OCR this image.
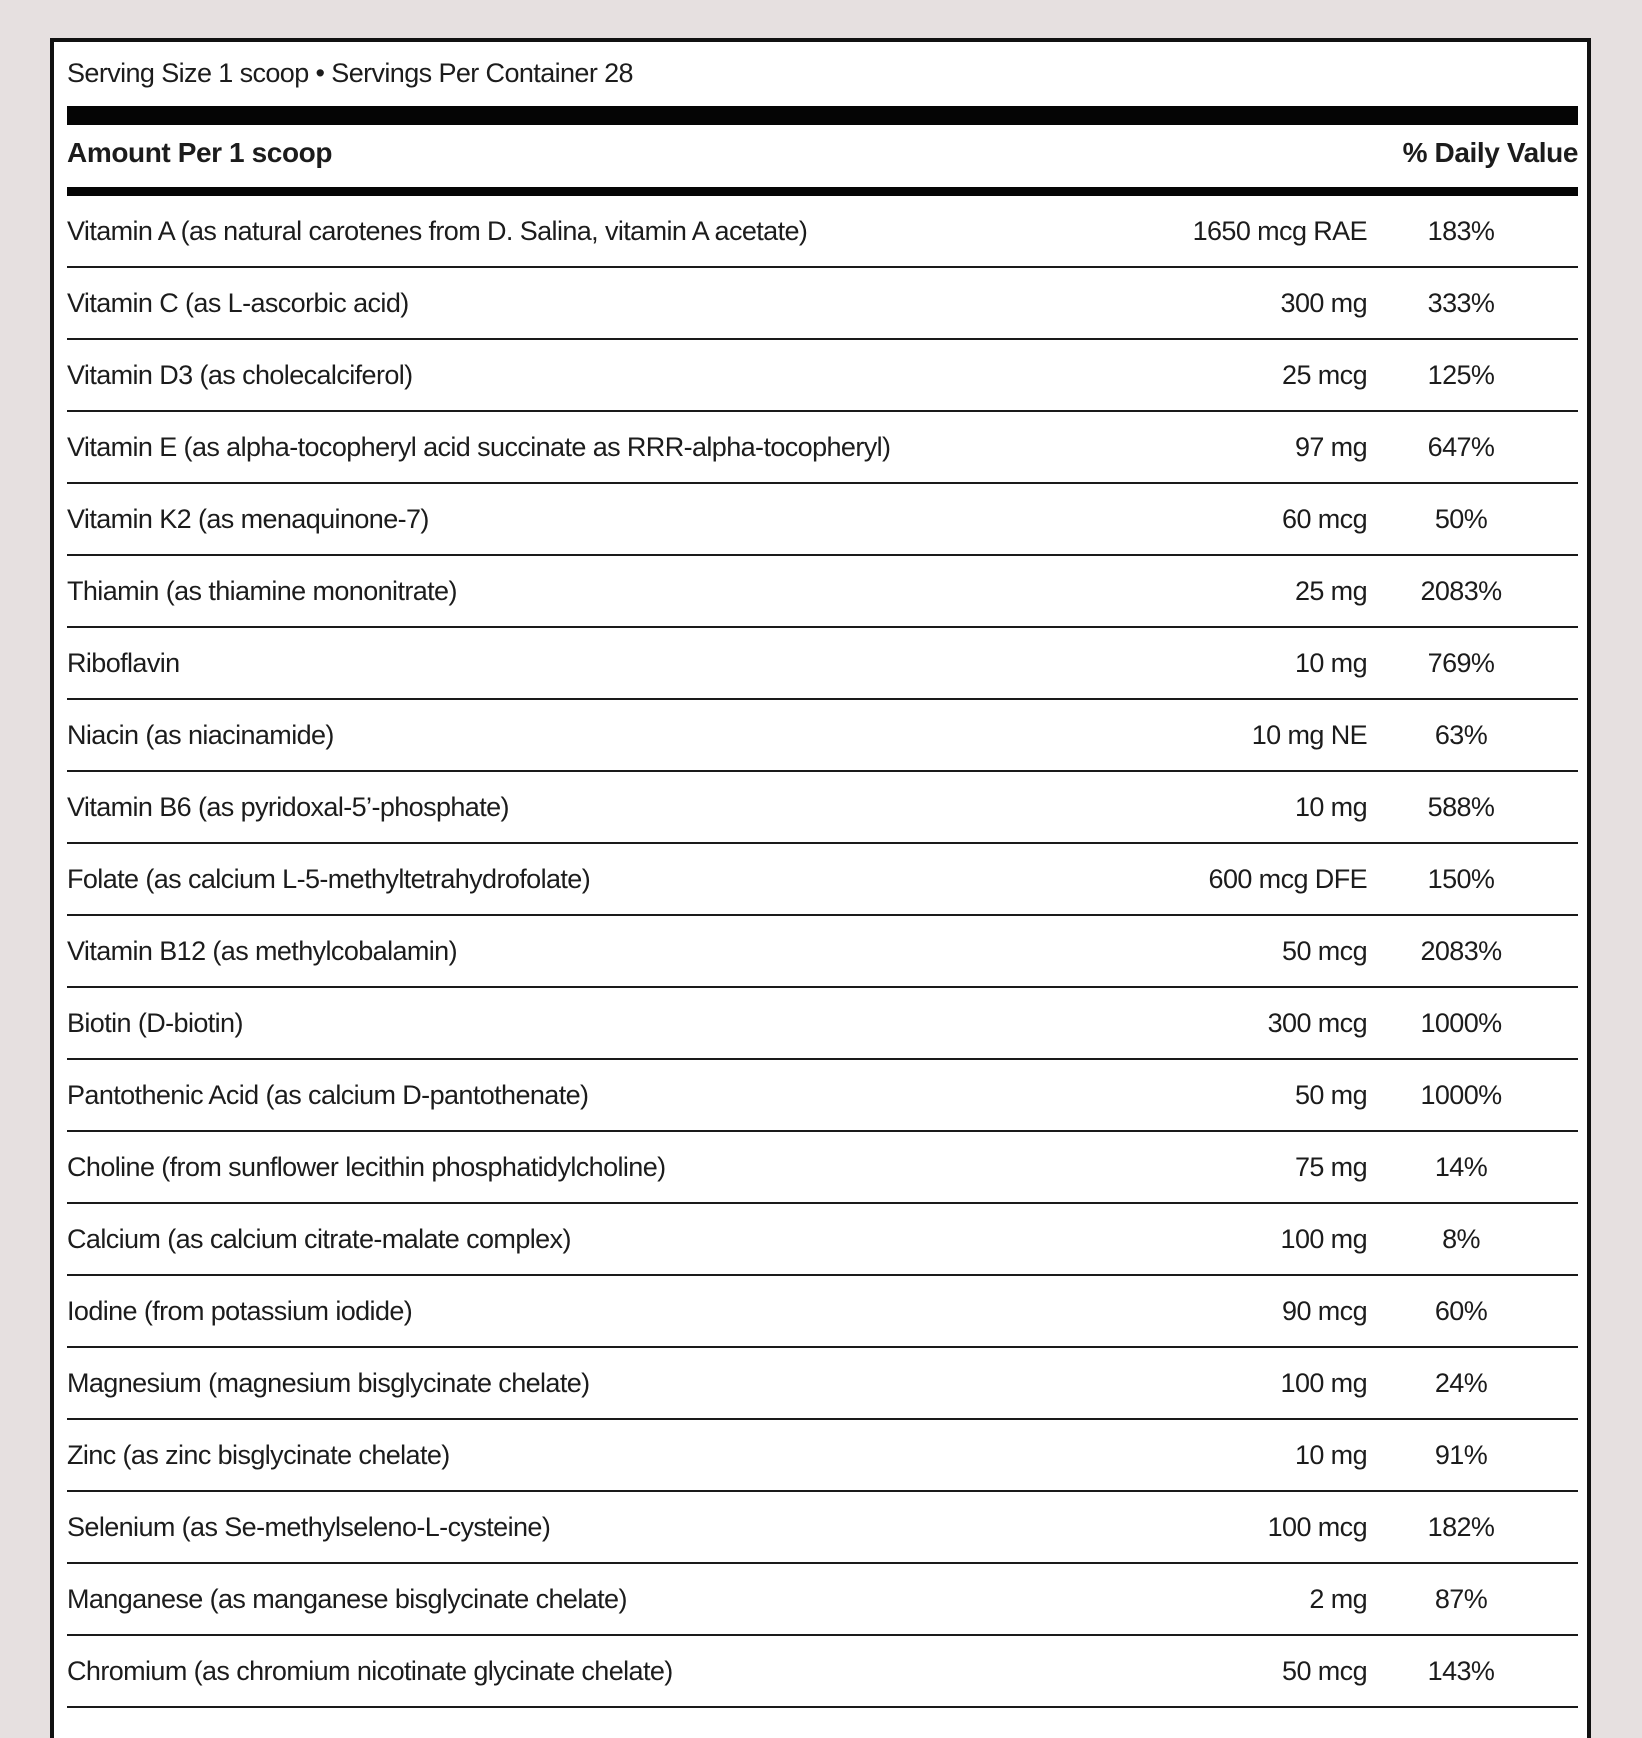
Serving Size 1 scoop • Servings Per Container 28
Amount Per 1 scoop	% Daily Value
Vitamin A (as natural carotenes from D. Salina, vitamin A acetate)	1650 mcg RAE	183%
Vitamin C (as L-ascorbic acid)	300 mg	333%
Vitamin D3 (as cholecalciferol)	25 mcg	125%
Vitamin E (as alpha-tocopheryl acid succinate as RRR-alpha-tocopheryl)	97 mg	647%
Vitamin K2 (as menaquinone-7)	60 mcg	50%
Thiamin (as thiamine mononitrate)	25 mg	2083%
Riboflavin	10 mg	769%
Niacin (as niacinamide)	10 mg NE	63%
Vitamin B6 (as pyridoxal-5’-phosphate)	10 mg	588%
Folate (as calcium L-5-methyltetrahydrofolate)	600 mcg DFE	150%
Vitamin B12 (as methylcobalamin)	50 mcg	2083%
Biotin (D-biotin)	300 mcg	1000%
Pantothenic Acid (as calcium D-pantothenate)	50 mg	1000%
Choline (from sunflower lecithin phosphatidylcholine)	75 mg	14%
Calcium (as calcium citrate-malate complex)	100 mg	8%
Iodine (from potassium iodide)	90 mcg	60%
Magnesium (magnesium bisglycinate chelate)	100 mg	24%
Zinc (as zinc bisglycinate chelate)	10 mg	91%
Selenium (as Se-methylseleno-L-cysteine)	100 mcg	182%
Manganese (as manganese bisglycinate chelate)	2 mg	87%
Chromium (as chromium nicotinate glycinate chelate)	50 mcg	143%
